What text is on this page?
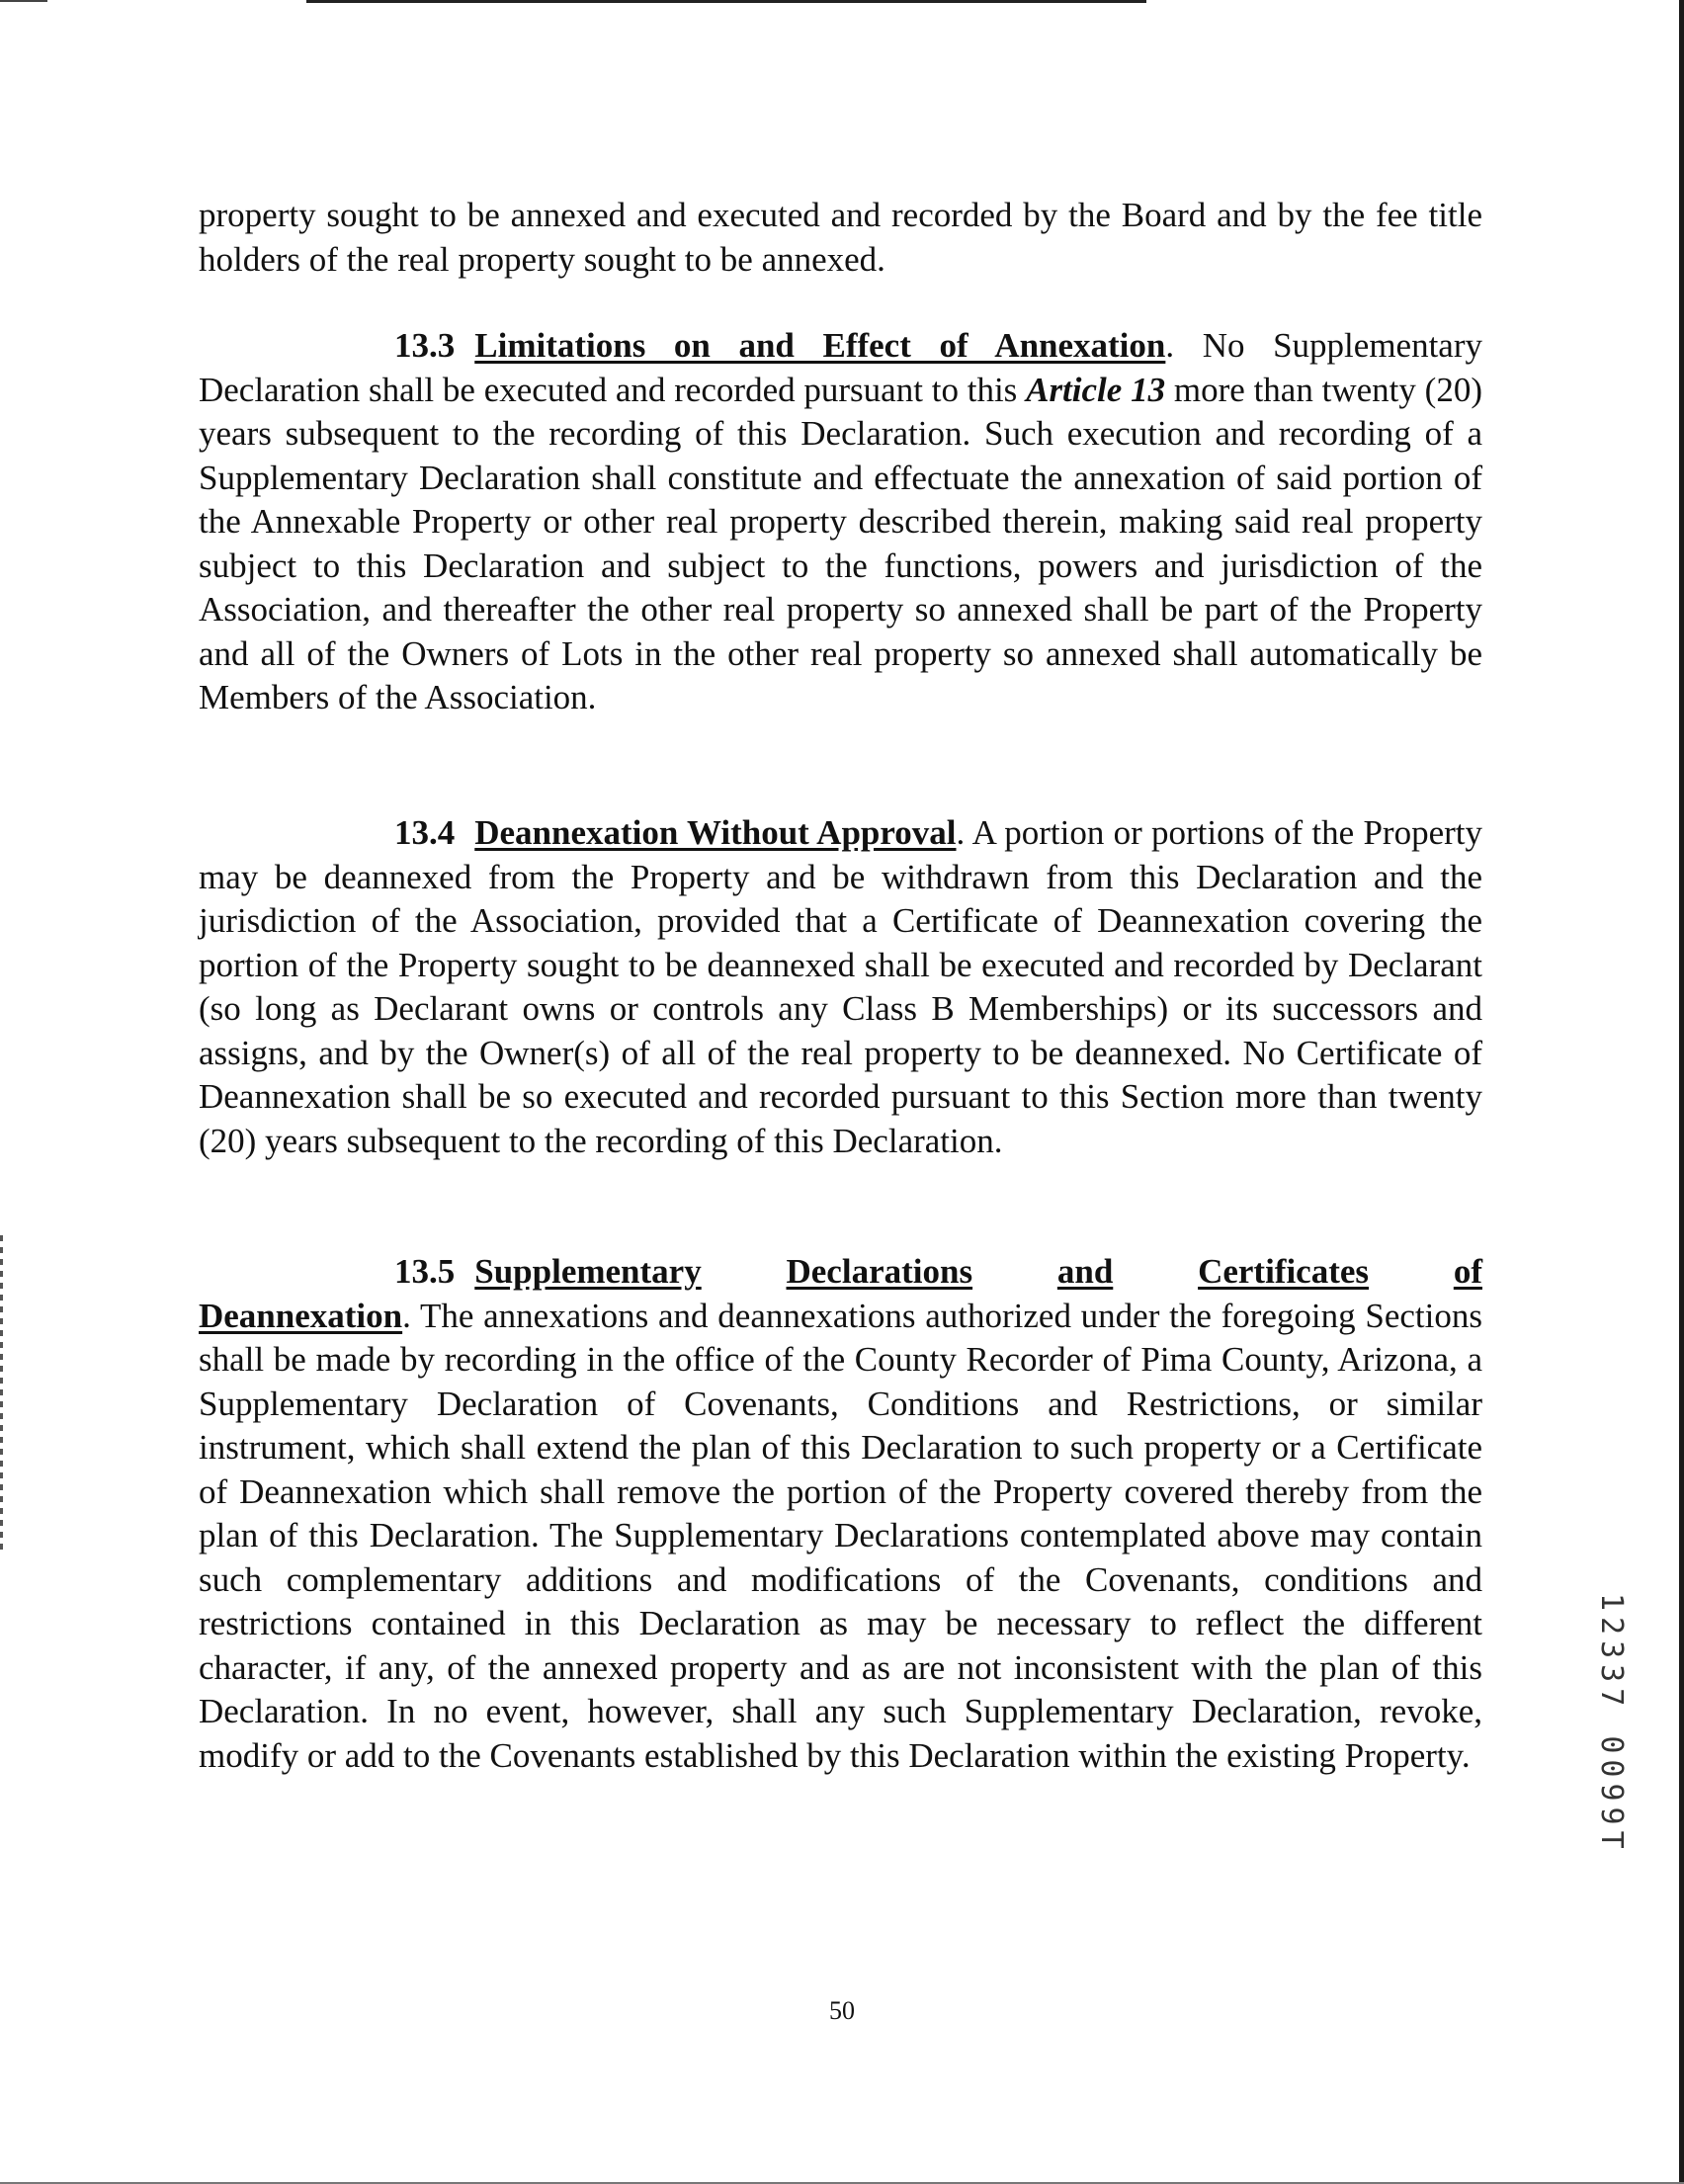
property sought to be annexed and executed and recorded by the Board and by the fee title holders of the real property sought to be annexed.

13.3 Limitations on and Effect of Annexation. No Supplementary Declaration shall be executed and recorded pursuant to this Article 13 more than twenty (20) years subsequent to the recording of this Declaration. Such execution and recording of a Supplementary Declaration shall constitute and effectuate the annexation of said portion of the Annexable Property or other real property described therein, making said real property subject to this Declaration and subject to the functions, powers and jurisdiction of the Association, and thereafter the other real property so annexed shall be part of the Property and all of the Owners of Lots in the other real property so annexed shall automatically be Members of the Association.

13.4 Deannexation Without Approval. A portion or portions of the Property may be deannexed from the Property and be withdrawn from this Declaration and the jurisdiction of the Association, provided that a Certificate of Deannexation covering the portion of the Property sought to be deannexed shall be executed and recorded by Declarant (so long as Declarant owns or controls any Class B Memberships) or its successors and assigns, and by the Owner(s) of all of the real property to be deannexed. No Certificate of Deannexation shall be so executed and recorded pursuant to this Section more than twenty (20) years subsequent to the recording of this Declaration.

13.5 Supplementary Declarations and Certificates of
Deannexation. The annexations and deannexations authorized under the foregoing Sections shall be made by recording in the office of the County Recorder of Pima County, Arizona, a Supplementary Declaration of Covenants, Conditions and Restrictions, or similar instrument, which shall extend the plan of this Declaration to such property or a Certificate of Deannexation which shall remove the portion of the Property covered thereby from the plan of this Declaration. The Supplementary Declarations contemplated above may contain such complementary additions and modifications of the Covenants, conditions and restrictions contained in this Declaration as may be necessary to reflect the different character, if any, of the annexed property and as are not inconsistent with the plan of this Declaration. In no event, however, shall any such Supplementary Declaration, revoke, modify or add to the Covenants established by this Declaration within the existing Property.
50
12337 0099T
